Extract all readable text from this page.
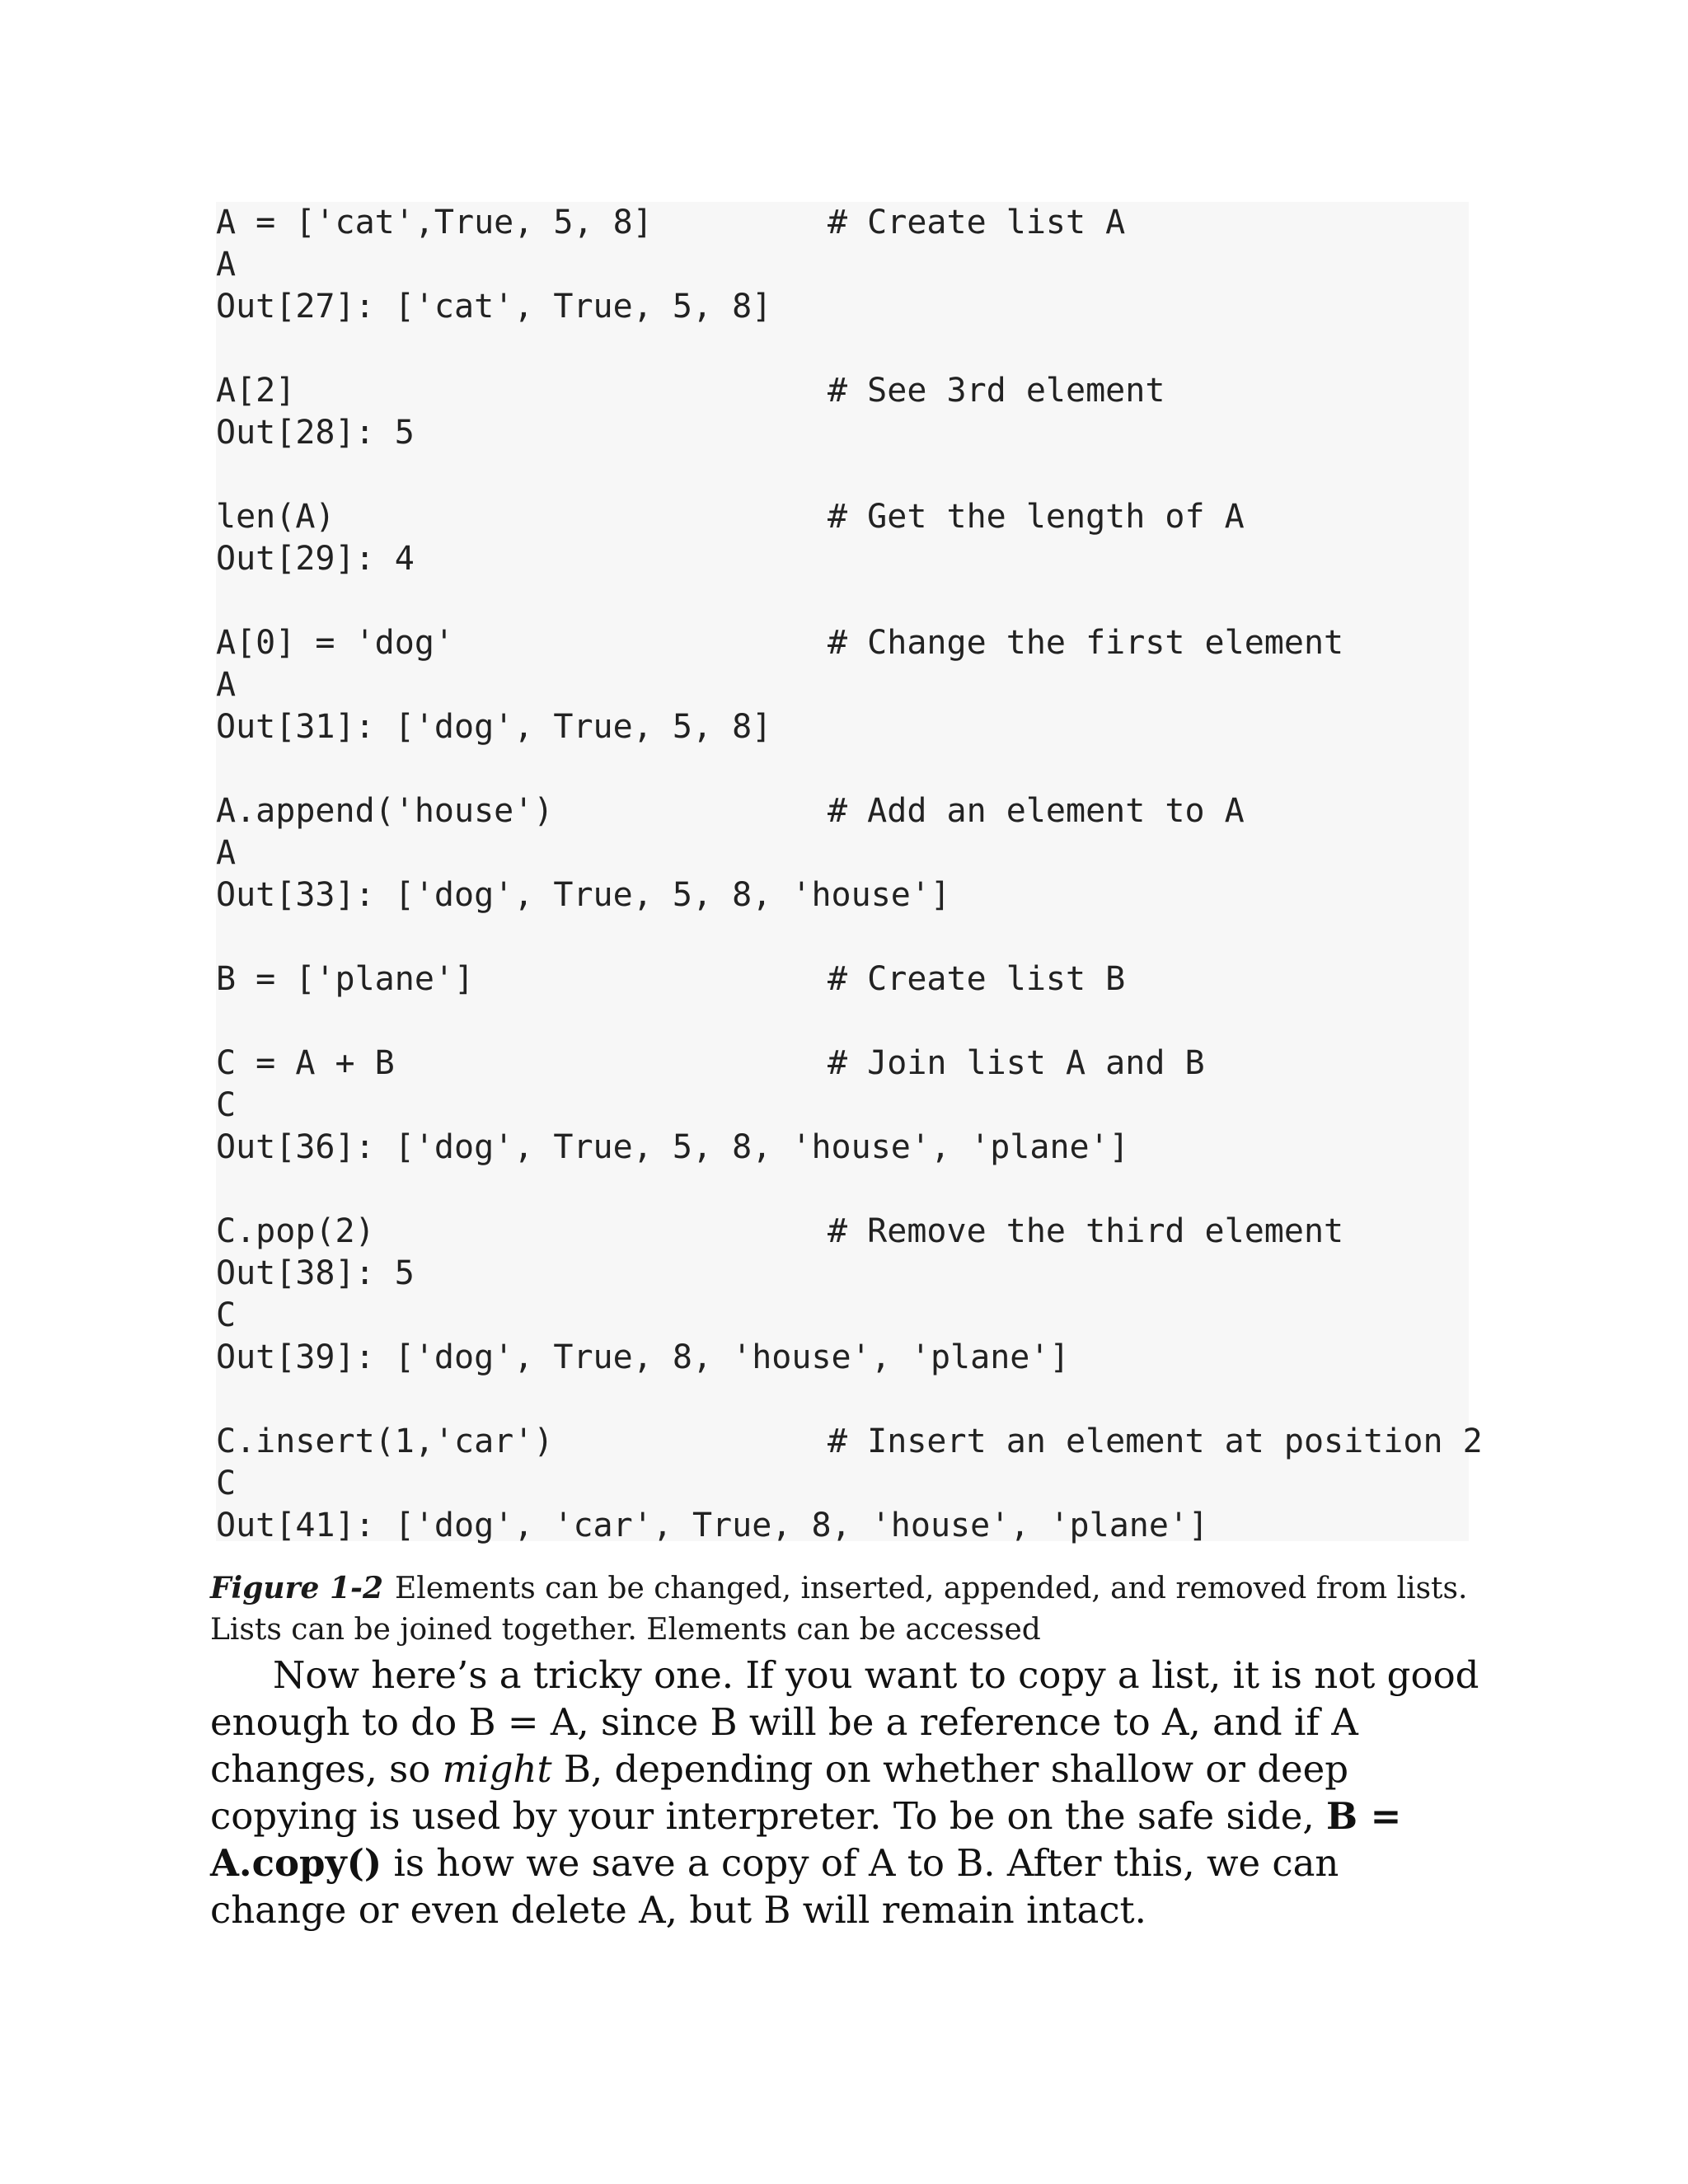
A = ['cat',True, 5, 8]	# Create list A
A
Out[27]: ['cat', True, 5, 8]
A[2]	# See 3rd element
Out[28]: 5
len(A)	# Get the length of A
Out[29]: 4
A[0] = 'dog'	# Change the first element
A
Out[31]: ['dog', True, 5, 8]
A.append('house')	# Add an element to A
A
Out[33]: ['dog', True, 5, 8, 'house']
B = ['plane']	# Create list B
C = A + B	# Join list A and B
C
Out[36]: ['dog', True, 5, 8, 'house', 'plane']
C.pop(2)	# Remove the third element
Out[38]: 5
C
Out[39]: ['dog', True, 8, 'house', 'plane']
C.insert(1,'car')	# Insert an element at position 2
C
Out[41]: ['dog', 'car', True, 8, 'house', 'plane']
Figure 1-2 Elements can be changed, inserted, appended, and removed from lists. Lists can be joined together. Elements can be accessed

Now here’s a tricky one. If you want to copy a list, it is not good enough to do B = A, since B will be a reference to A, and if A changes, so might B, depending on whether shallow or deep copying is used by your interpreter. To be on the safe side, B = A.copy() is how we save a copy of A to B. After this, we can change or even delete A, but B will remain intact.
